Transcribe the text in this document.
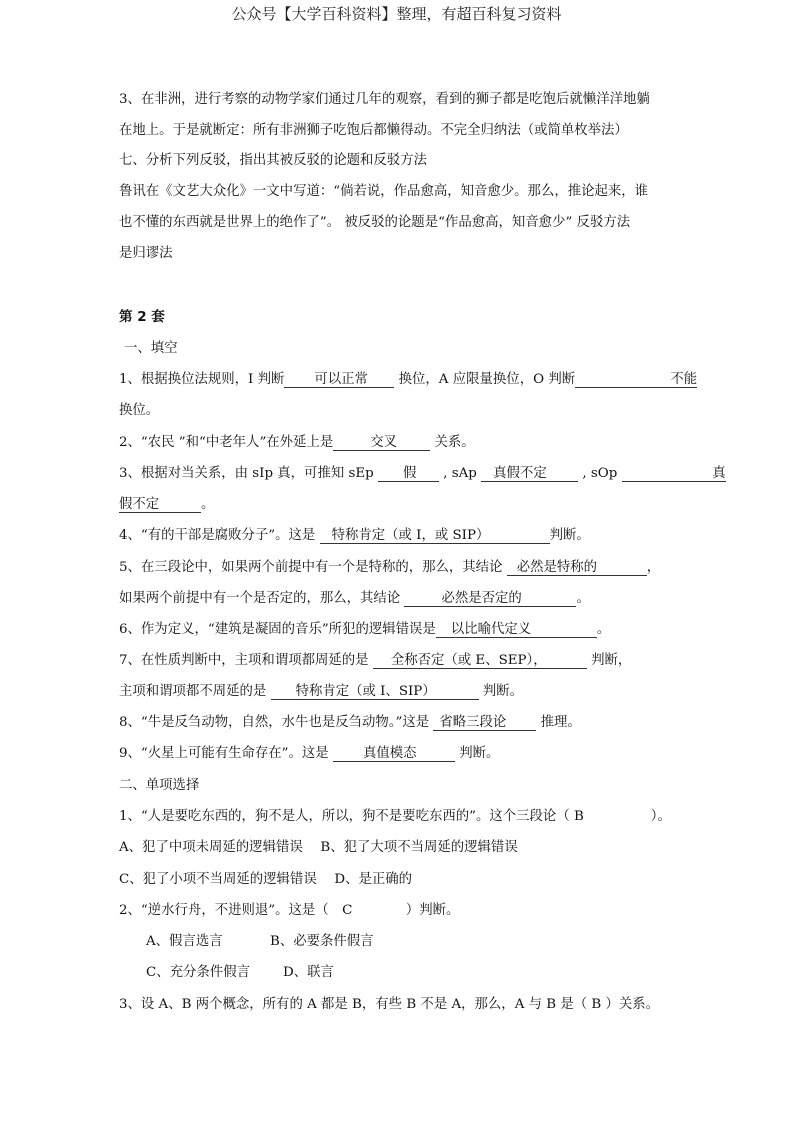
公众号【大学百科资料】整理，有超百科复习资料
3、在非洲，进行考察的动物学家们通过几年的观察，看到的狮子都是吃饱后就懒洋洋地躺
在地上。于是就断定：所有非洲狮子吃饱后都懒得动。不完全归纳法（或简单枚举法）
七、分析下列反驳，指出其被反驳的论题和反驳方法
鲁讯在《文艺大众化》一文中写道：“倘若说，作品愈高，知音愈少。那么，推论起来，谁
也不懂的东西就是世界上的绝作了”。 被反驳的论题是“作品愈高，知音愈少” 反驳方法
是归谬法
第 2 套
一、填空
1、根据换位法规则，I 判断 可以正常 换位，A 应限量换位，O 判断	不能
换位。
2、“农民 ”和“中老年人”在外延上是	交叉	关系。
3、根据对当关系，由 sIp 真，可推知 sEp 假 , sAp 真假不定	, sOp	真
假不定	。
4、“有的干部是腐败分子”。这是 特称肯定（或 I，或 SIP）	判断。
5、在三段论中，如果两个前提中有一个是特称的，那么，其结论 必然是特称的	，
如果两个前提中有一个是否定的，那么，其结论	必然是否定的	。
6、作为定义，“建筑是凝固的音乐”所犯的逻辑错误是 以比喻代定义	。
7、在性质判断中，主项和谓项都周延的是 全称否定（或 E、SEP），	判断，
主项和谓项都不周延的是 特称肯定（或 I、SIP）	判断。
8、“牛是反刍动物，自然，水牛也是反刍动物。”这是 省略三段论	推理。
9、“火星上可能有生命存在”。这是	真值模态	判断。
二、单项选择
1、“人是要吃东西的，狗不是人，所以，狗不是要吃东西的”。这个三段论（ B　　　　　）。
A、犯了中项未周延的逻辑错误　 B、犯了大项不当周延的逻辑错误
C、犯了小项不当周延的逻辑错误　 D、是正确的
2、“逆水行舟，不进则退”。这是（　C　　　　）判断。
A、假言选言	B、必要条件假言
C、充分条件假言 D、联言
3、设 A、B 两个概念，所有的 A 都是 B，有些 B 不是 A，那么，A 与 B 是（ B ）关系。
